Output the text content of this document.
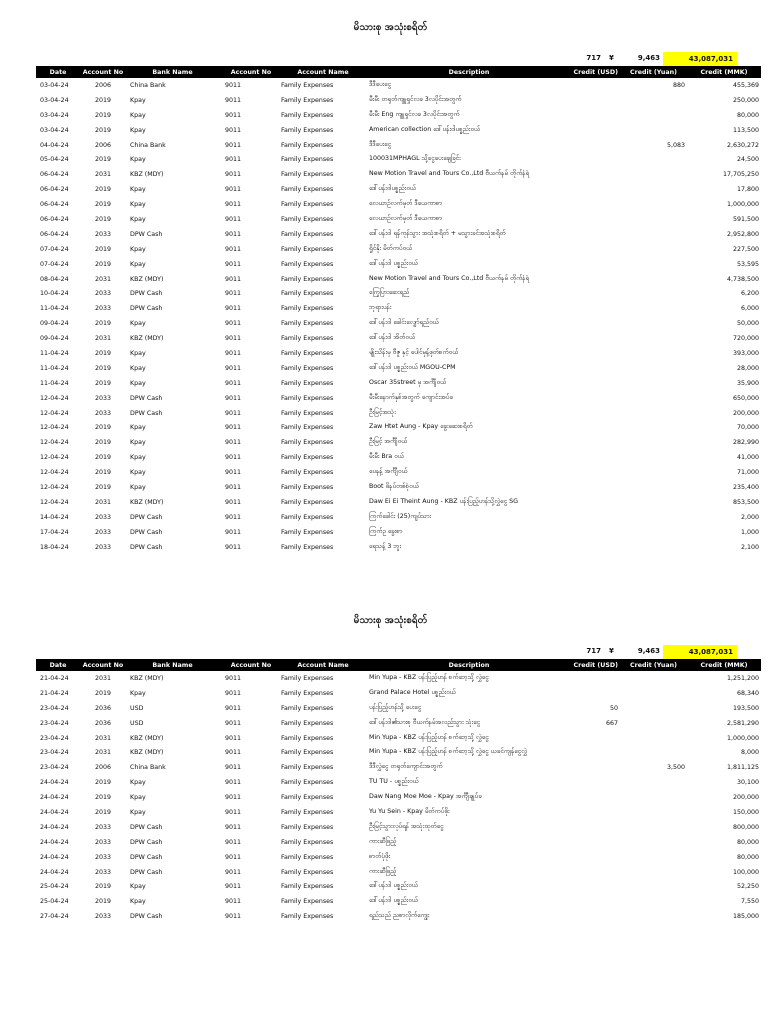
မိသားစု အသုံးစရိတ်
717 ¥	9,463	43,087,031
Date	Account No	Bank Name	Account No	Account Name	Description	Credit (USD)	Credit (Yuan)	Credit (MMK)
03-04-24	2006	China Bank	9011	Family Expenses	ဒီဒီပေးငွေ		880	455,369
03-04-24	2019	Kpay	9011	Family Expenses	မီးမီး တရုတ်ကျူရှင်လခ 3လပိုင်းအတွက်			250,000
03-04-24	2019	Kpay	9011	Family Expenses	မီးမီး Eng ကျူရှင်လခ 3လပိုင်းအတွက်			80,000
03-04-24	2019	Kpay	9011	Family Expenses	American collection ဒေါ်ပန်းဝါပစ္စည်းဝယ်			113,500
04-04-24	2006	China Bank	9011	Family Expenses	ဒီဒီပေးငွေ		5,083	2,630,272
05-04-24	2019	Kpay	9011	Family Expenses	100031MPHAGL သို့ငွေပေးချေခြင်း			24,500
06-04-24	2031	KBZ (MDY)	9011	Family Expenses	New Motion Travel and Tours Co.,Ltd ဗီယက်နမ် တိုက်နံရံ			17,705,250
06-04-24	2019	Kpay	9011	Family Expenses	ဒေါ်ပန်းဝါပစ္စည်းဝယ်			17,800
06-04-24	2019	Kpay	9011	Family Expenses	လေယာဉ်လက်မှတ် ဒီယေကာစာ			1,000,000
06-04-24	2019	Kpay	9011	Family Expenses	လေယာဉ်လက်မှတ် ဒီယေကာစာ			591,500
06-04-24	2033	DPW Cash	9011	Family Expenses	ဒေါ်ပန်းဝါ ရန်ကုန်သွား အသုံးစရိတ် + မသွားခင်အသုံးစရိတ်			2,952,800
07-04-24	2019	Kpay	9011	Family Expenses	ရှိုင်နိုး မိတ်ကပ်ဝယ်			227,500
07-04-24	2019	Kpay	9011	Family Expenses	ဒေါ်ပန်းဝါ ပစ္စည်းဝယ်			53,595
08-04-24	2031	KBZ (MDY)	9011	Family Expenses	New Motion Travel and Tours Co.,Ltd ဗီယက်နမ် တိုက်နံရံ			4,738,500
10-04-24	2033	DPW Cash	9011	Family Expenses	ကြွေပြားဆေးရည်			6,200
11-04-24	2033	DPW Cash	9011	Family Expenses	ဘုရားပန်း			6,000
09-04-24	2019	Kpay	9011	Family Expenses	ဒေါ်ပန်းဝါ ခေါင်းလျှော်ရည်ဝယ်			50,000
09-04-24	2031	KBZ (MDY)	9011	Family Expenses	ဒေါ်ပန်းဝါ အိတ်ဝယ်			720,000
11-04-24	2019	Kpay	9011	Family Expenses	မျိုးသိန်းမှ ဗီဇူ နှင့် ပေါင်မုန့်ဖုတ်စက်ဝယ်			393,000
11-04-24	2019	Kpay	9011	Family Expenses	ဒေါ်ပန်းဝါ ပစ္စည်းဝယ် MGOU-CPM			28,000
11-04-24	2019	Kpay	9011	Family Expenses	Oscar 35street မှ အင်္ကျီဝယ်			35,900
12-04-24	2033	DPW Cash	9011	Family Expenses	မီးမီးနောက်နှစ်အတွက် ကျောင်းအပ်ခ			650,000
12-04-24	2033	DPW Cash	9011	Family Expenses	ဦးမြင့်အသုံး			200,000
12-04-24	2019	Kpay	9011	Family Expenses	Zaw Htet Aung - Kpay ခွေးဆေးစရိတ်			70,000
12-04-24	2019	Kpay	9011	Family Expenses	ဦးမြင့် အင်္ကျီဝယ်			282,990
12-04-24	2019	Kpay	9011	Family Expenses	မီးမီး Bra ဝယ်			41,000
12-04-24	2019	Kpay	9011	Family Expenses	ပေနန့် အင်္ကျီဝယ်			71,000
12-04-24	2019	Kpay	9011	Family Expenses	Boot ဖိနပ်တစ်စုံဝယ်			235,400
12-04-24	2031	KBZ (MDY)	9011	Family Expenses	Daw Ei Ei Theint Aung - KBZ ပန်းပြည့်ဟန်သို့လွှဲငွေ SG			853,500
14-04-24	2033	DPW Cash	9011	Family Expenses	ကြက်ခေါင်း (25)ကျပ်သား			2,000
17-04-24	2033	DPW Cash	9011	Family Expenses	ကြက်ဥ ခွေးစာ			1,000
18-04-24	2033	DPW Cash	9011	Family Expenses	ရေသန့် 3 ဘူး			2,100
မိသားစု အသုံးစရိတ်
717 ¥	9,463	43,087,031
Date	Account No	Bank Name	Account No	Account Name	Description	Credit (USD)	Credit (Yuan)	Credit (MMK)
21-04-24	2031	KBZ (MDY)	9011	Family Expenses	Min Yupa - KBZ ပန်းပြည့်ဟန် စက်ဘေ့သို့ လွှဲငွေ			1,251,200
21-04-24	2019	Kpay	9011	Family Expenses	Grand Palace Hotel ပစ္စည်းဝယ်			68,340
23-04-24	2036	USD	9011	Family Expenses	ပန်းပြည့်ဟန်သို့ ပေးငွေ	50		193,500
23-04-24	2036	USD	9011	Family Expenses	ဒေါ်ပန်းဝါ၏သားစု ဗီယက်နမ်အလည်သွား သုံးငွေ	667		2,581,290
23-04-24	2031	KBZ (MDY)	9011	Family Expenses	Min Yupa - KBZ ပန်းပြည့်ဟန် စက်ဘေ့သို့ လွှဲငွေ			1,000,000
23-04-24	2031	KBZ (MDY)	9011	Family Expenses	Min Yupa - KBZ ပန်းပြည့်ဟန် စက်ဘေ့သို့ လွှဲငွေ ယခင်ကျန်ငွေလွှဲ			8,000
23-04-24	2006	China Bank	9011	Family Expenses	ဒီဒီလွှဲငွေ တရုတ်ကျောင်းအတွက်		3,500	1,811,125
24-04-24	2019	Kpay	9011	Family Expenses	TU TU - ပစ္စည်းဝယ်			30,100
24-04-24	2019	Kpay	9011	Family Expenses	Daw Nang Moe Moe - Kpay အင်္ကျီချုပ်ခ			200,000
24-04-24	2019	Kpay	9011	Family Expenses	Yu Yu Sein - Kpay မိတ်ကပ်ဖိုး			150,000
24-04-24	2033	DPW Cash	9011	Family Expenses	ဦးမြင့်သွားလုပ်ရန် အသုံးထုတ်ငွေ			800,000
24-04-24	2033	DPW Cash	9011	Family Expenses	ကားဆီဖြည့်			80,000
24-04-24	2033	DPW Cash	9011	Family Expenses	ဓာတ်ပုံဖိုး			80,000
24-04-24	2033	DPW Cash	9011	Family Expenses	ကားဆီဖြည့်			100,000
25-04-24	2019	Kpay	9011	Family Expenses	ဒေါ်ပန်းဝါ ပစ္စည်းဝယ်			52,250
25-04-24	2019	Kpay	9011	Family Expenses	ဒေါ်ပန်းဝါ ပစ္စည်းဝယ်			7,550
27-04-24	2033	DPW Cash	9011	Family Expenses	ရည်သည် ညစာလိုက်ကျွေး			185,000
